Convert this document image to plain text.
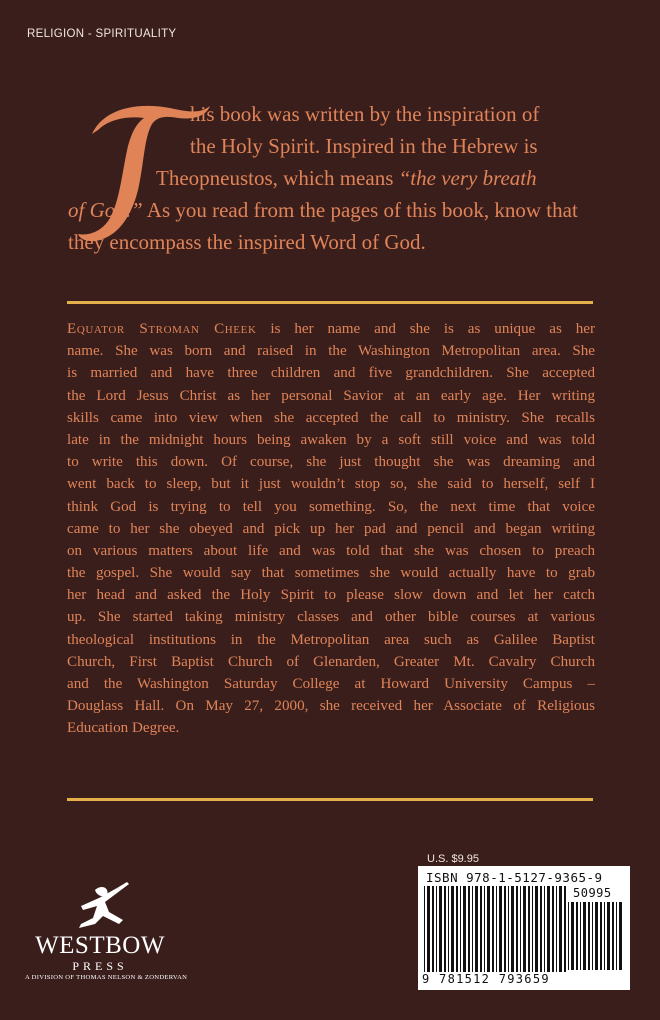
RELIGION - SPIRITUALITY
his book was written by the inspiration of
the Holy Spirit. Inspired in the Hebrew is
Theopneustos, which means “the very breath
of God.” As you read from the pages of this book, know that
they encompass the inspired Word of God.
Equator Stroman Cheek is her name and she is as unique as her
name. She was born and raised in the Washington Metropolitan area. She
is married and have three children and five grandchildren. She accepted
the Lord Jesus Christ as her personal Savior at an early age. Her writing
skills came into view when she accepted the call to ministry. She recalls
late in the midnight hours being awaken by a soft still voice and was told
to write this down. Of course, she just thought she was dreaming and
went back to sleep, but it just wouldn’t stop so, she said to herself, self I
think God is trying to tell you something. So, the next time that voice
came to her she obeyed and pick up her pad and pencil and began writing
on various matters about life and was told that she was chosen to preach
the gospel. She would say that sometimes she would actually have to grab
her head and asked the Holy Spirit to please slow down and let her catch
up. She started taking ministry classes and other bible courses at various
theological institutions in the Metropolitan area such as Galilee Baptist
Church, First Baptist Church of Glenarden, Greater Mt. Cavalry Church
and the Washington Saturday College at Howard University Campus –
Douglass Hall. On May 27, 2000, she received her Associate of Religious
Education Degree.
U.S. $9.95
ISBN 978-1-5127-9365-9
50995
9 781512 793659
WESTBOW
PRESS
A DIVISION OF THOMAS NELSON & ZONDERVAN
